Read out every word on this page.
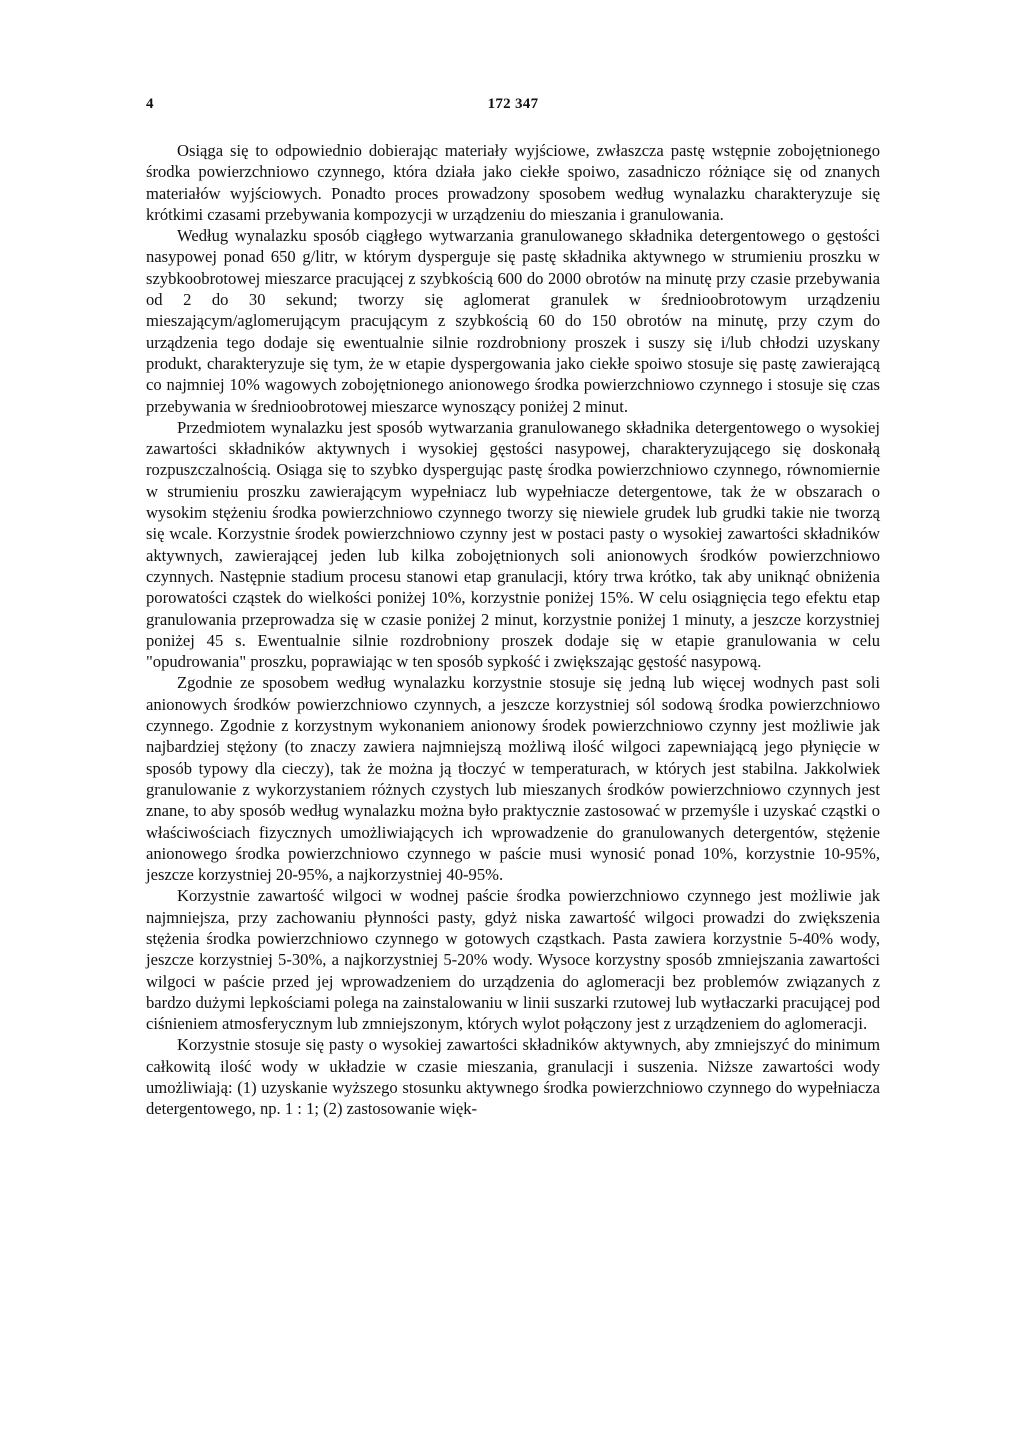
4	172 347

Osiąga się to odpowiednio dobierając materiały wyjściowe, zwłaszcza pastę wstępnie zobojętnionego środka powierzchniowo czynnego, która działa jako ciekłe spoiwo, zasadniczo różniące się od znanych materiałów wyjściowych. Ponadto proces prowadzony sposobem według wynalazku charakteryzuje się krótkimi czasami przebywania kompozycji w urządzeniu do mieszania i granulowania.

Według wynalazku sposób ciągłego wytwarzania granulowanego składnika detergentowego o gęstości nasypowej ponad 650 g/litr, w którym dysperguje się pastę składnika aktywnego w strumieniu proszku w szybkoobrotowej mieszarce pracującej z szybkością 600 do 2000 obrotów na minutę przy czasie przebywania od 2 do 30 sekund; tworzy się aglomerat granulek w średnioobrotowym urządzeniu mieszającym/aglomerującym pracującym z szybkością 60 do 150 obrotów na minutę, przy czym do urządzenia tego dodaje się ewentualnie silnie rozdrobniony proszek i suszy się i/lub chłodzi uzyskany produkt, charakteryzuje się tym, że w etapie dyspergowania jako ciekłe spoiwo stosuje się pastę zawierającą co najmniej 10% wagowych zobojętnionego anionowego środka powierzchniowo czynnego i stosuje się czas przebywania w średnioobrotowej mieszarce wynoszący poniżej 2 minut.

Przedmiotem wynalazku jest sposób wytwarzania granulowanego składnika detergentowego o wysokiej zawartości składników aktywnych i wysokiej gęstości nasypowej, charakteryzującego się doskonałą rozpuszczalnością. Osiąga się to szybko dyspergując pastę środka powierzchniowo czynnego, równomiernie w strumieniu proszku zawierającym wypełniacz lub wypełniacze detergentowe, tak że w obszarach o wysokim stężeniu środka powierzchniowo czynnego tworzy się niewiele grudek lub grudki takie nie tworzą się wcale. Korzystnie środek powierzchniowo czynny jest w postaci pasty o wysokiej zawartości składników aktywnych, zawierającej jeden lub kilka zobojętnionych soli anionowych środków powierzchniowo czynnych. Następnie stadium procesu stanowi etap granulacji, który trwa krótko, tak aby uniknąć obniżenia porowatości cząstek do wielkości poniżej 10%, korzystnie poniżej 15%. W celu osiągnięcia tego efektu etap granulowania przeprowadza się w czasie poniżej 2 minut, korzystnie poniżej 1 minuty, a jeszcze korzystniej poniżej 45 s. Ewentualnie silnie rozdrobniony proszek dodaje się w etapie granulowania w celu "opudrowania" proszku, poprawiając w ten sposób sypkość i zwiększając gęstość nasypową.

Zgodnie ze sposobem według wynalazku korzystnie stosuje się jedną lub więcej wodnych past soli anionowych środków powierzchniowo czynnych, a jeszcze korzystniej sól sodową środka powierzchniowo czynnego. Zgodnie z korzystnym wykonaniem anionowy środek powierzchniowo czynny jest możliwie jak najbardziej stężony (to znaczy zawiera najmniejszą możliwą ilość wilgoci zapewniającą jego płynięcie w sposób typowy dla cieczy), tak że można ją tłoczyć w temperaturach, w których jest stabilna. Jakkolwiek granulowanie z wykorzystaniem różnych czystych lub mieszanych środków powierzchniowo czynnych jest znane, to aby sposób według wynalazku można było praktycznie zastosować w przemyśle i uzyskać cząstki o właściwościach fizycznych umożliwiających ich wprowadzenie do granulowanych detergentów, stężenie anionowego środka powierzchniowo czynnego w paście musi wynosić ponad 10%, korzystnie 10-95%, jeszcze korzystniej 20-95%, a najkorzystniej 40-95%.

Korzystnie zawartość wilgoci w wodnej paście środka powierzchniowo czynnego jest możliwie jak najmniejsza, przy zachowaniu płynności pasty, gdyż niska zawartość wilgoci prowadzi do zwiększenia stężenia środka powierzchniowo czynnego w gotowych cząstkach. Pasta zawiera korzystnie 5-40% wody, jeszcze korzystniej 5-30%, a najkorzystniej 5-20% wody. Wysoce korzystny sposób zmniejszania zawartości wilgoci w paście przed jej wprowadzeniem do urządzenia do aglomeracji bez problemów związanych z bardzo dużymi lepkościami polega na zainstalowaniu w linii suszarki rzutowej lub wytłaczarki pracującej pod ciśnieniem atmosferycznym lub zmniejszonym, których wylot połączony jest z urządzeniem do aglomeracji.

Korzystnie stosuje się pasty o wysokiej zawartości składników aktywnych, aby zmniejszyć do minimum całkowitą ilość wody w układzie w czasie mieszania, granulacji i suszenia. Niższe zawartości wody umożliwiają: (1) uzyskanie wyższego stosunku aktywnego środka powierzchniowo czynnego do wypełniacza detergentowego, np. 1 : 1; (2) zastosowanie więk-
